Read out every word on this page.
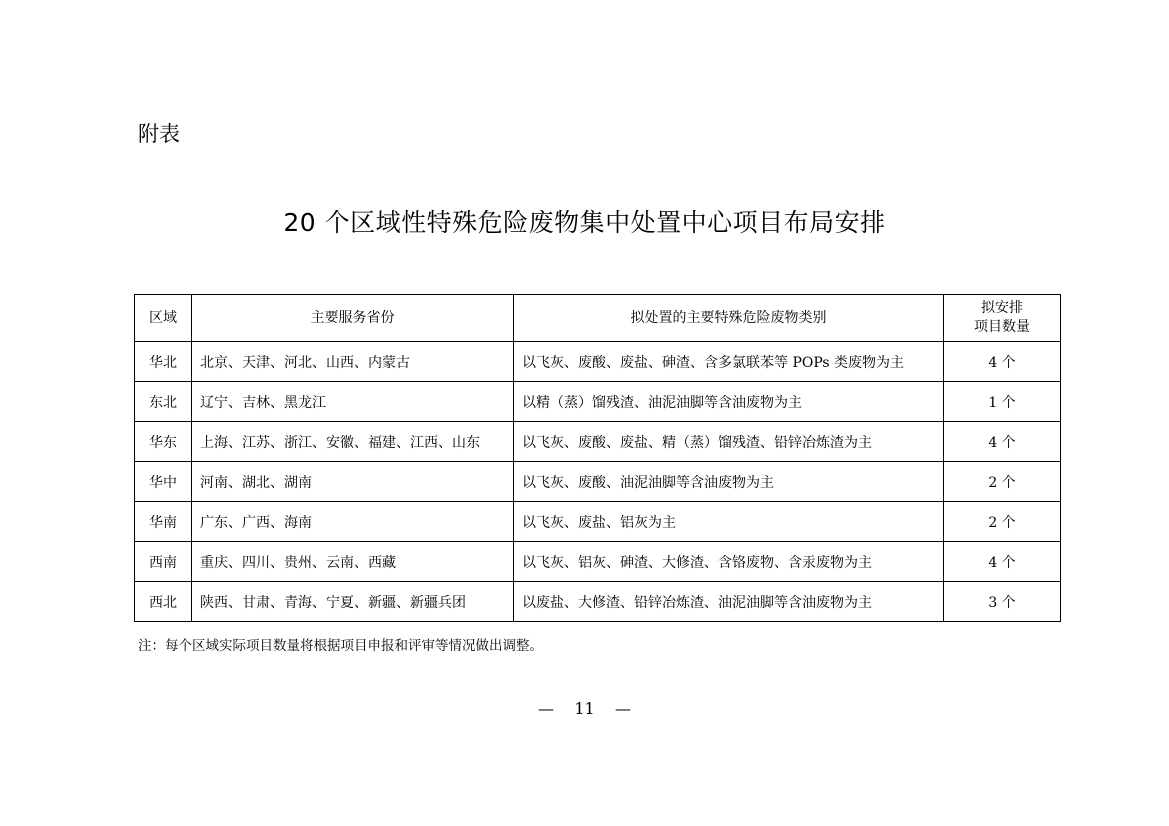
附表
20 个区域性特殊危险废物集中处置中心项目布局安排
区域	主要服务省份	拟处置的主要特殊危险废物类别	拟安排
项目数量
华北	北京、天津、河北、山西、内蒙古	以飞灰、废酸、废盐、砷渣、含多氯联苯等 POPs 类废物为主	4 个
东北	辽宁、吉林、黑龙江	以精（蒸）馏残渣、油泥油脚等含油废物为主	1 个
华东	上海、江苏、浙江、安徽、福建、江西、山东	以飞灰、废酸、废盐、精（蒸）馏残渣、铅锌冶炼渣为主	4 个
华中	河南、湖北、湖南	以飞灰、废酸、油泥油脚等含油废物为主	2 个
华南	广东、广西、海南	以飞灰、废盐、铝灰为主	2 个
西南	重庆、四川、贵州、云南、西藏	以飞灰、铝灰、砷渣、大修渣、含铬废物、含汞废物为主	4 个
西北	陕西、甘肃、青海、宁夏、新疆、新疆兵团	以废盐、大修渣、铅锌冶炼渣、油泥油脚等含油废物为主	3 个
注：每个区域实际项目数量将根据项目申报和评审等情况做出调整。
— 11 —
